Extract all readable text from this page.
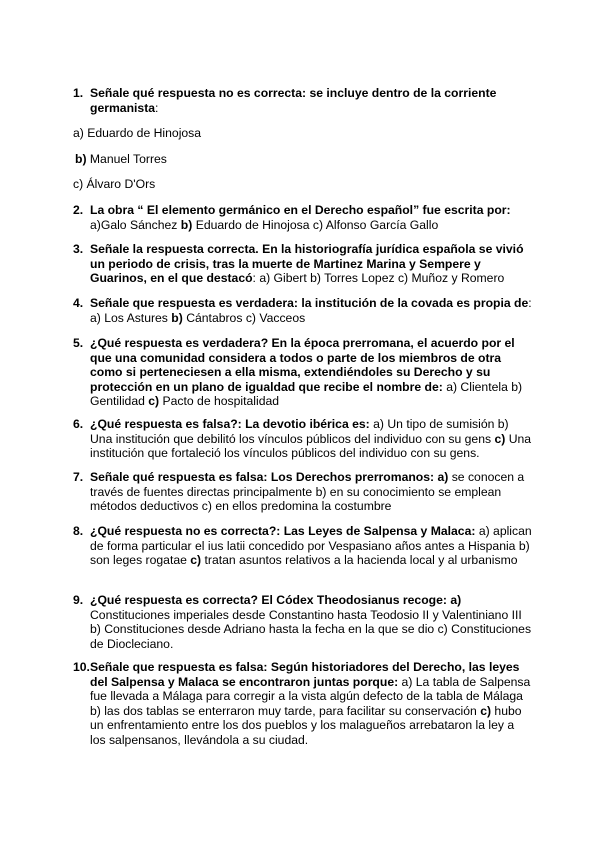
1. Señale qué respuesta no es correcta: se incluye dentro de la corriente germanista:
a) Eduardo de Hinojosa
b) Manuel Torres
c) Álvaro D'Ors
2. La obra “ El elemento germánico en el Derecho español” fue escrita por: a)Galo Sánchez b) Eduardo de Hinojosa c) Alfonso García Gallo
3. Señale la respuesta correcta. En la historiografía jurídica española se vivió un periodo de crisis, tras la muerte de Martinez Marina y Sempere y Guarinos, en el que destacó: a) Gibert b) Torres Lopez c) Muñoz y Romero
4. Señale que respuesta es verdadera: la institución de la covada es propia de: a) Los Astures b) Cántabros c) Vacceos
5. ¿Qué respuesta es verdadera? En la época prerromana, el acuerdo por el que una comunidad considera a todos o parte de los miembros de otra como si perteneciesen a ella misma, extendiéndoles su Derecho y su protección en un plano de igualdad que recibe el nombre de: a) Clientela b) Gentilidad c) Pacto de hospitalidad
6. ¿Qué respuesta es falsa?: La devotio ibérica es: a) Un tipo de sumisión b) Una institución que debilitó los vínculos públicos del individuo con su gens c) Una institución que fortaleció los vínculos públicos del individuo con su gens.
7. Señale qué respuesta es falsa: Los Derechos prerromanos: a) se conocen a través de fuentes directas principalmente b) en su conocimiento se emplean métodos deductivos c) en ellos predomina la costumbre
8. ¿Qué respuesta no es correcta?: Las Leyes de Salpensa y Malaca: a) aplican de forma particular el ius latii concedido por Vespasiano años antes a Hispania b) son leges rogatae c) tratan asuntos relativos a la hacienda local y al urbanismo
9. ¿Qué respuesta es correcta? El Códex Theodosianus recoge: a) Constituciones imperiales desde Constantino hasta Teodosio II y Valentiniano III b) Constituciones desde Adriano hasta la fecha en la que se dio c) Constituciones de Diocleciano.
10. Señale que respuesta es falsa: Según historiadores del Derecho, las leyes del Salpensa y Malaca se encontraron juntas porque: a) La tabla de Salpensa fue llevada a Málaga para corregir a la vista algún defecto de la tabla de Málaga b) las dos tablas se enterraron muy tarde, para facilitar su conservación c) hubo un enfrentamiento entre los dos pueblos y los malagueños arrebataron la ley a los salpensanos, llevándola a su ciudad.
